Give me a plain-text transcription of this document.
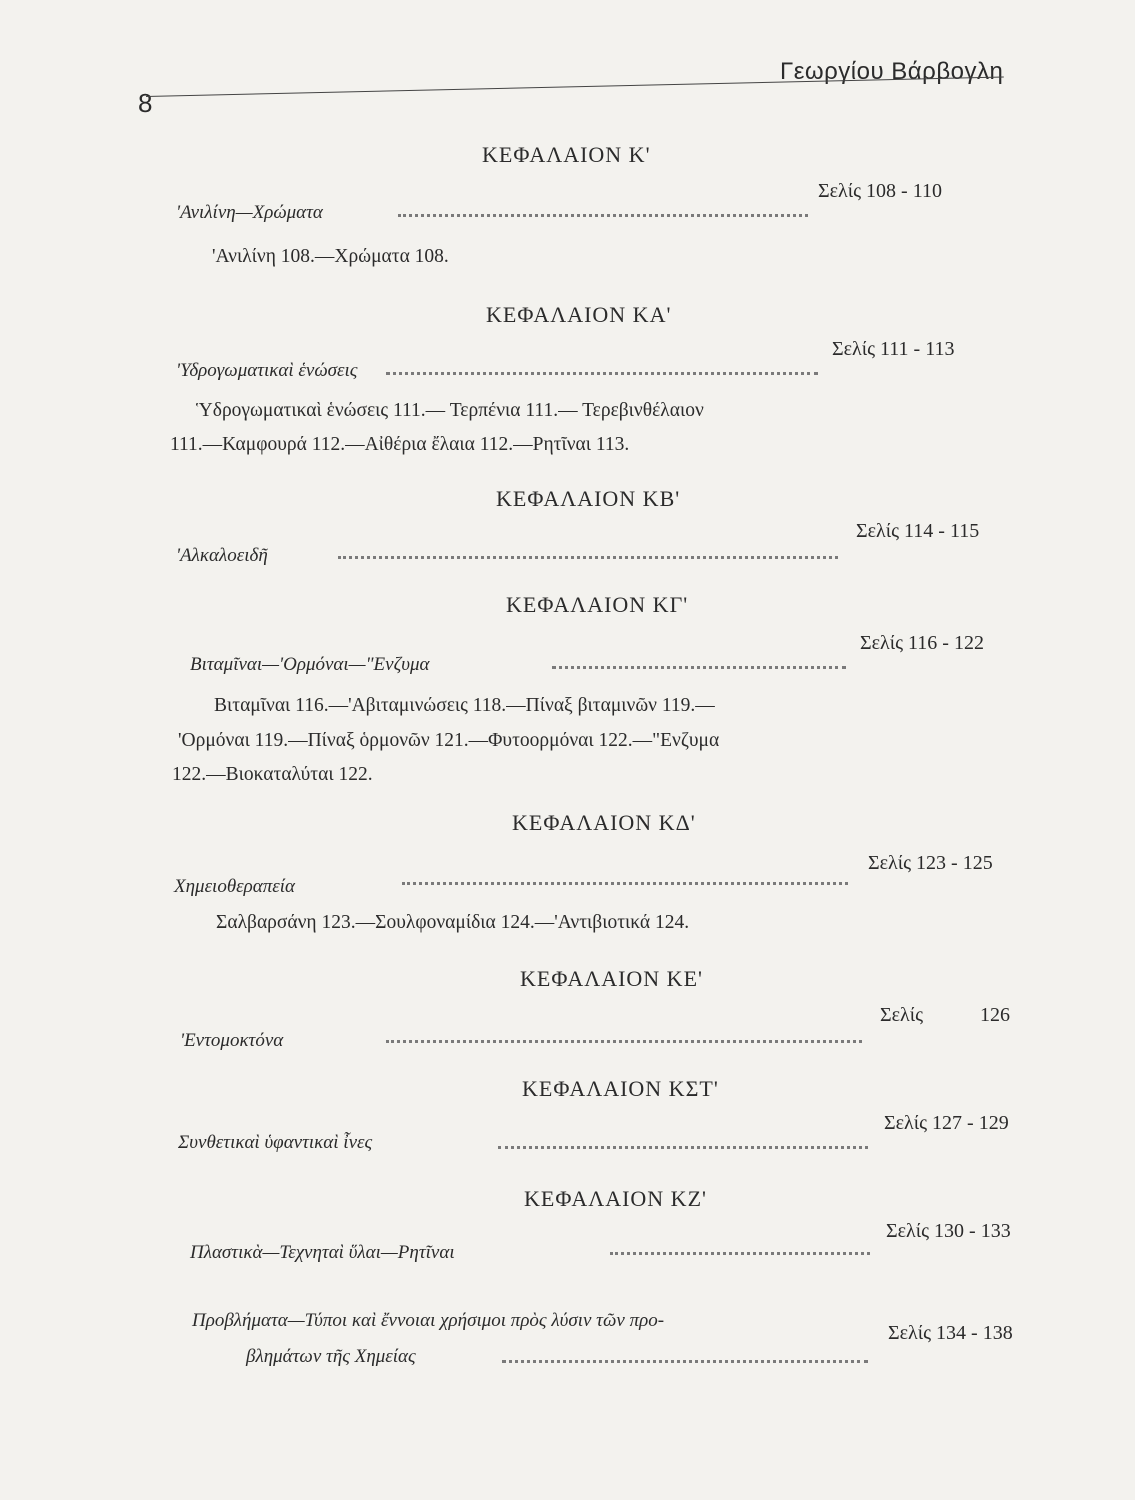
8
Γεωργίου Βάρβογλη
ΚΕΦΑΛΑΙΟΝ Κ'
'Ανιλίνη—Χρώματα
Σελίς 108 - 110
'Ανιλίνη 108.—Χρώματα 108.
ΚΕΦΑΛΑΙΟΝ ΚΑ'
'Υδρογωματικαὶ ἑνώσεις
Σελίς 111 - 113
Ὑδρογωματικαὶ ἑνώσεις 111.— Τερπένια 111.— Τερεβινθέλαιον
111.—Καμφουρά 112.—Αἰθέρια ἔλαια 112.—Ρητῖναι 113.
ΚΕΦΑΛΑΙΟΝ ΚΒ'
'Αλκαλοειδῆ
Σελίς 114 - 115
ΚΕΦΑΛΑΙΟΝ ΚΓ'
Βιταμῖναι—'Ορμόναι—"Ενζυμα
Σελίς 116 - 122
Βιταμῖναι 116.—'Αβιταμινώσεις 118.—Πίναξ βιταμινῶν 119.—
'Ορμόναι 119.—Πίναξ ὁρμονῶν 121.—Φυτοορμόναι 122.—"Ενζυμα
122.—Βιοκαταλύται 122.
ΚΕΦΑΛΑΙΟΝ ΚΔ'
Χημειοθεραπεία
Σελίς 123 - 125
Σαλβαρσάνη 123.—Σουλφοναμίδια 124.—'Αντιβιοτικά 124.
ΚΕΦΑΛΑΙΟΝ ΚΕ'
'Εντομοκτόνα
Σελίς 126
ΚΕΦΑΛΑΙΟΝ ΚΣΤ'
Συνθετικαὶ ὑφαντικαὶ ἶνες
Σελίς 127 - 129
ΚΕΦΑΛΑΙΟΝ ΚΖ'
Πλαστικὰ—Τεχνηταὶ ὕλαι—Ρητῖναι
Σελίς 130 - 133
Προβλήματα—Τύποι καὶ ἔννοιαι χρήσιμοι πρὸς λύσιν τῶν προ-
βλημάτων τῆς Χημείας
Σελίς 134 - 138
